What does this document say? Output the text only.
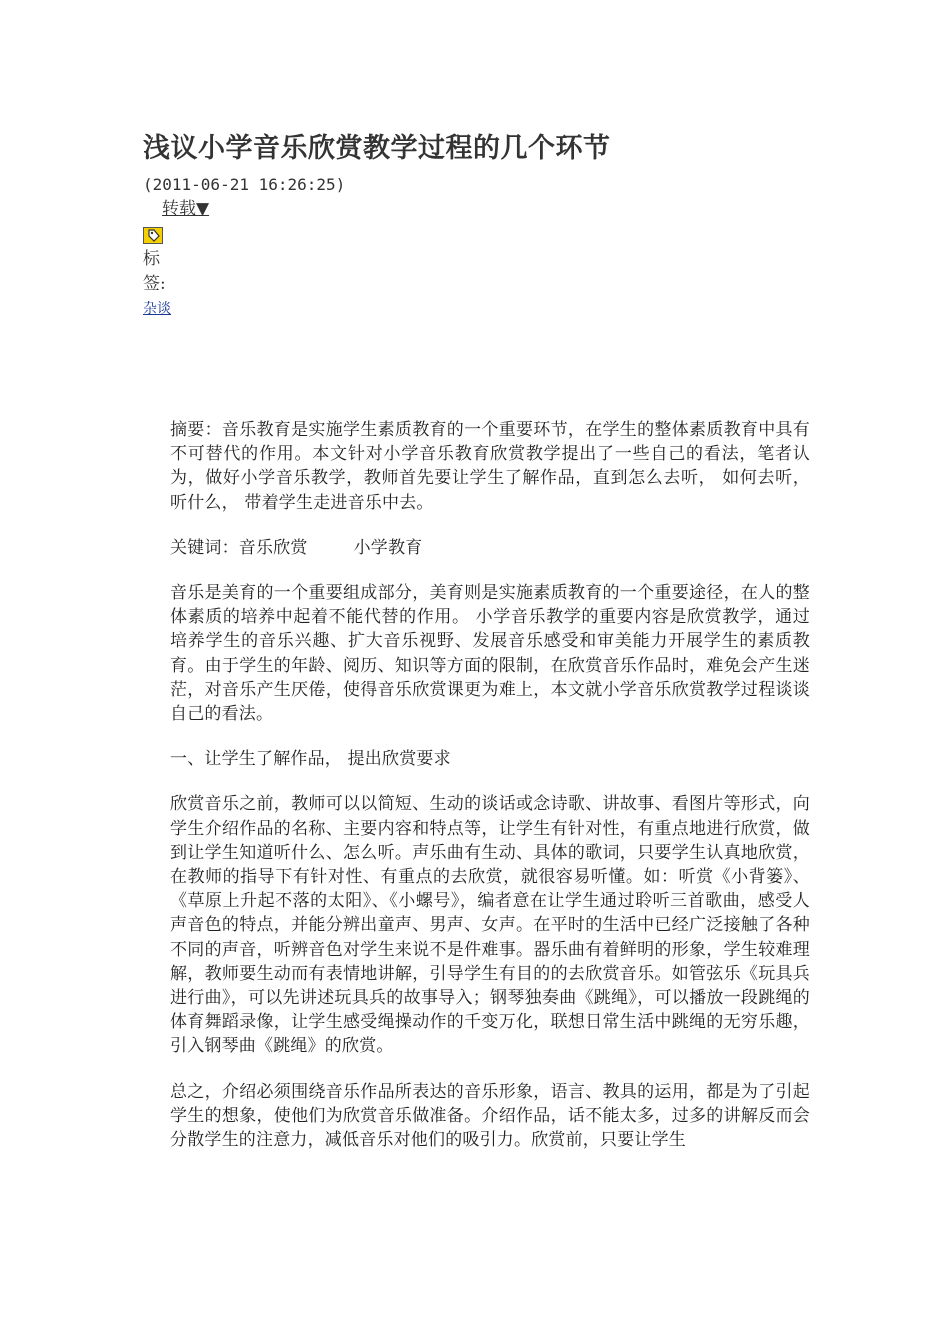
浅议小学音乐欣赏教学过程的几个环节
(2011-06-21 16:26:25)
转载▼
标签:
杂谈

摘要：音乐教育是实施学生素质教育的一个重要环节，在学生的整体素质教育中具有不可替代的作用。本文针对小学音乐教育欣赏教学提出了一些自己的看法，笔者认为，做好小学音乐教学，教师首先要让学生了解作品，直到怎么去听， 如何去听， 听什么， 带着学生走进音乐中去。

关键词：音乐欣赏	小学教育

音乐是美育的一个重要组成部分，美育则是实施素质教育的一个重要途径，在人的整体素质的培养中起着不能代替的作用。 小学音乐教学的重要内容是欣赏教学，通过培养学生的音乐兴趣、扩大音乐视野、发展音乐感受和审美能力开展学生的素质教育。由于学生的年龄、阅历、知识等方面的限制，在欣赏音乐作品时，难免会产生迷茫，对音乐产生厌倦，使得音乐欣赏课更为难上，本文就小学音乐欣赏教学过程谈谈自己的看法。

一、让学生了解作品， 提出欣赏要求

欣赏音乐之前，教师可以以简短、生动的谈话或念诗歌、讲故事、看图片等形式，向学生介绍作品的名称、主要内容和特点等，让学生有针对性，有重点地进行欣赏，做到让学生知道听什么、怎么听。声乐曲有生动、具体的歌词，只要学生认真地欣赏，在教师的指导下有针对性、有重点的去欣赏，就很容易听懂。如：听赏《小背篓》、《草原上升起不落的太阳》、《小螺号》，编者意在让学生通过聆听三首歌曲，感受人声音色的特点，并能分辨出童声、男声、女声。在平时的生活中已经广泛接触了各种不同的声音，听辨音色对学生来说不是件难事。器乐曲有着鲜明的形象，学生较难理解，教师要生动而有表情地讲解，引导学生有目的的去欣赏音乐。如管弦乐《玩具兵进行曲》，可以先讲述玩具兵的故事导入；钢琴独奏曲《跳绳》，可以播放一段跳绳的体育舞蹈录像，让学生感受绳操动作的千变万化，联想日常生活中跳绳的无穷乐趣，引入钢琴曲《跳绳》的欣赏。

总之，介绍必须围绕音乐作品所表达的音乐形象，语言、教具的运用，都是为了引起学生的想象，使他们为欣赏音乐做准备。介绍作品，话不能太多，过多的讲解反而会分散学生的注意力，减低音乐对他们的吸引力。欣赏前，只要让学生
